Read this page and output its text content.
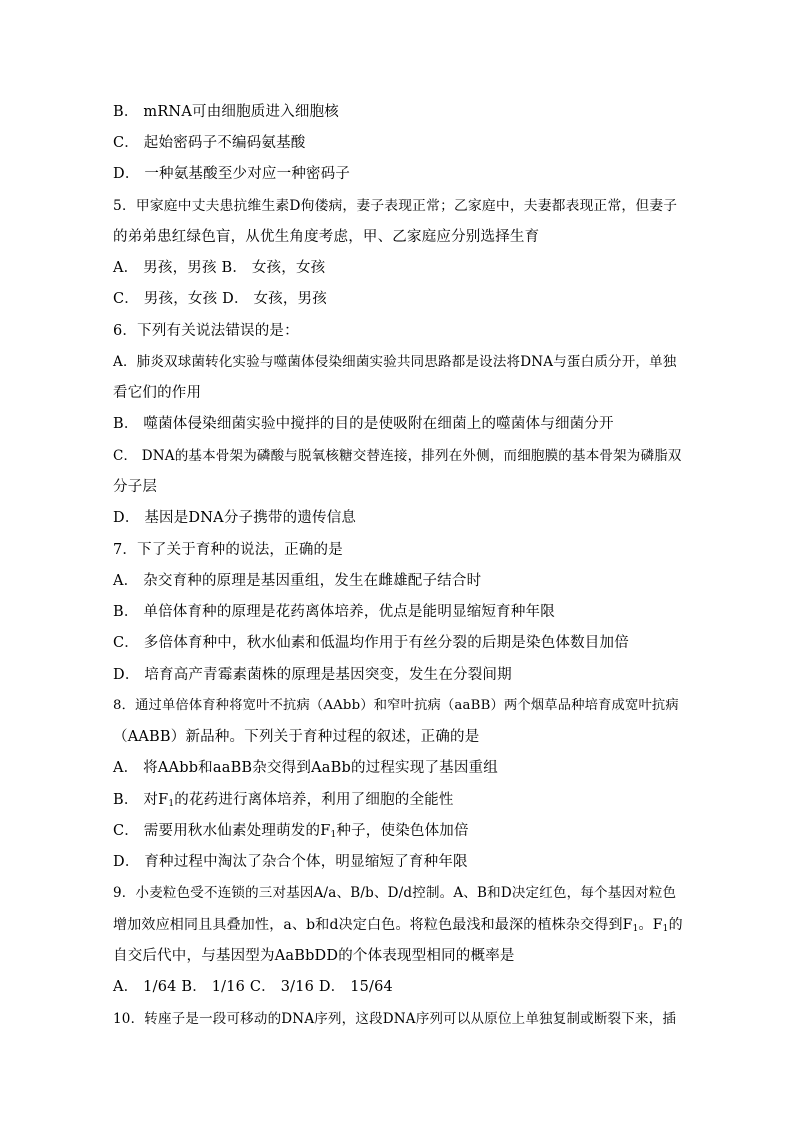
B． mRNA可由细胞质进入细胞核
C． 起始密码子不编码氨基酸
D． 一种氨基酸至少对应一种密码子
5．甲家庭中丈夫患抗维生素D佝偻病，妻子表现正常；乙家庭中，夫妻都表现正常，但妻子
的弟弟患红绿色盲，从优生角度考虑，甲、乙家庭应分别选择生育
A． 男孩，男孩 B． 女孩，女孩
C． 男孩，女孩 D． 女孩，男孩
6．下列有关说法错误的是：
A．肺炎双球菌转化实验与噬菌体侵染细菌实验共同思路都是设法将DNA与蛋白质分开，单独
看它们的作用
B． 噬菌体侵染细菌实验中搅拌的目的是使吸附在细菌上的噬菌体与细菌分开
C． DNA的基本骨架为磷酸与脱氧核糖交替连接，排列在外侧，而细胞膜的基本骨架为磷脂双
分子层
D． 基因是DNA分子携带的遗传信息
7．下了关于育种的说法，正确的是
A． 杂交育种的原理是基因重组，发生在雌雄配子结合时
B． 单倍体育种的原理是花药离体培养，优点是能明显缩短育种年限
C． 多倍体育种中，秋水仙素和低温均作用于有丝分裂的后期是染色体数目加倍
D． 培育高产青霉素菌株的原理是基因突变，发生在分裂间期
8．通过单倍体育种将宽叶不抗病（AAbb）和窄叶抗病（aaBB）两个烟草品种培育成宽叶抗病
（AABB）新品种。下列关于育种过程的叙述，正确的是
A． 将AAbb和aaBB杂交得到AaBb的过程实现了基因重组
B． 对$F_1$的花药进行离体培养，利用了细胞的全能性
C． 需要用秋水仙素处理萌发的$F_1$种子，使染色体加倍
D． 育种过程中淘汰了杂合个体，明显缩短了育种年限
9．小麦粒色受不连锁的三对基因A/a、B/b、D/d控制。A、B和D决定红色，每个基因对粒色
增加效应相同且具叠加性，a、b和d决定白色。将粒色最浅和最深的植株杂交得到$F_1$。$F_1$的
自交后代中，与基因型为AaBbDD的个体表现型相同的概率是
A． 1/64 B． 1/16 C． 3/16 D． 15/64
10．转座子是一段可移动的DNA序列，这段DNA序列可以从原位上单独复制或断裂下来，插
